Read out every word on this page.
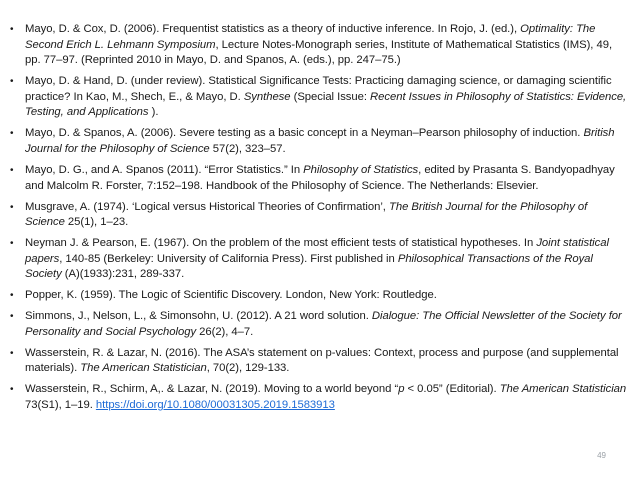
• Mayo, D. & Cox, D. (2006). Frequentist statistics as a theory of inductive inference. In Rojo, J. (ed.), Optimality: The Second Erich L. Lehmann Symposium, Lecture Notes-Monograph series, Institute of Mathematical Statistics (IMS), 49, pp. 77–97. (Reprinted 2010 in Mayo, D. and Spanos, A. (eds.), pp. 247–75.)
• Mayo, D. & Hand, D. (under review). Statistical Significance Tests: Practicing damaging science, or damaging scientific practice? In Kao, M., Shech, E., & Mayo, D. Synthese (Special Issue: Recent Issues in Philosophy of Statistics: Evidence, Testing, and Applications ).
• Mayo, D. & Spanos, A. (2006). Severe testing as a basic concept in a Neyman–Pearson philosophy of induction. British Journal for the Philosophy of Science 57(2), 323–57.
• Mayo, D. G., and A. Spanos (2011). “Error Statistics.” In Philosophy of Statistics, edited by Prasanta S. Bandyopadhyay and Malcolm R. Forster, 7:152–198. Handbook of the Philosophy of Science. The Netherlands: Elsevier.
• Musgrave, A. (1974). ‘Logical versus Historical Theories of Confirmation’, The British Journal for the Philosophy of Science 25(1), 1–23.
• Neyman J. & Pearson, E. (1967). On the problem of the most efficient tests of statistical hypotheses. In Joint statistical papers, 140-85 (Berkeley: University of California Press). First published in Philosophical Transactions of the Royal Society (A)(1933):231, 289-337.
• Popper, K. (1959). The Logic of Scientific Discovery. London, New York: Routledge.
• Simmons, J., Nelson, L., & Simonsohn, U. (2012). A 21 word solution. Dialogue: The Official Newsletter of the Society for Personality and Social Psychology 26(2), 4–7.
• Wasserstein, R. & Lazar, N. (2016). The ASA’s statement on p-values: Context, process and purpose (and supplemental materials). The American Statistician, 70(2), 129-133.
• Wasserstein, R., Schirm, A,. & Lazar, N. (2019). Moving to a world beyond “p < 0.05” (Editorial). The American Statistician 73(S1), 1–19. https://doi.org/10.1080/00031305.2019.1583913
49
